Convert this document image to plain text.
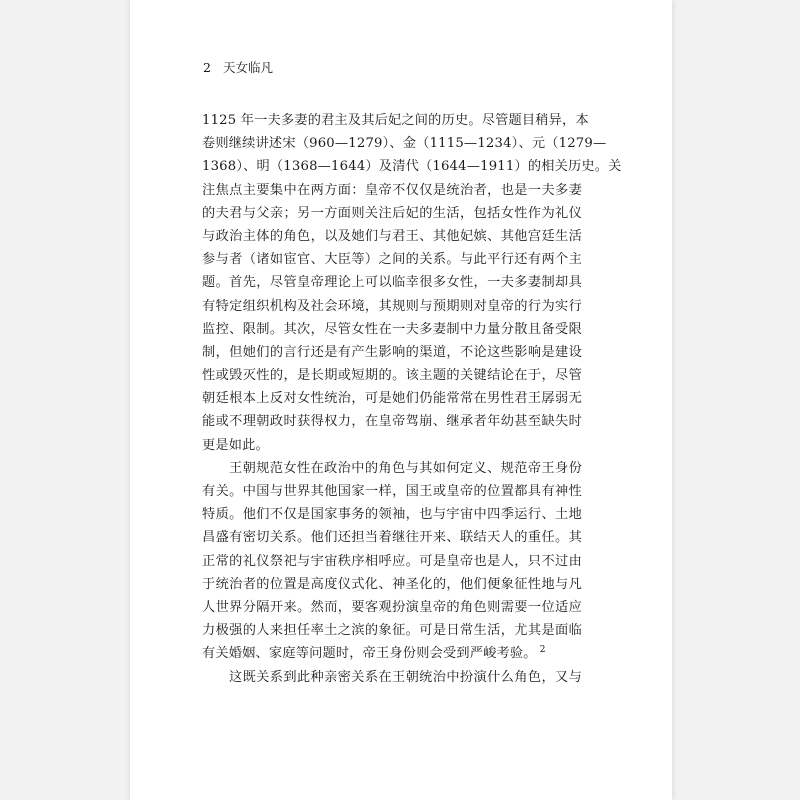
2 天女临凡
1125 年一夫多妻的君主及其后妃之间的历史。尽管题目稍异，本
卷则继续讲述宋（960—1279）、金（1115—1234）、元（1279—
1368）、明（1368—1644）及清代（1644—1911）的相关历史。关
注焦点主要集中在两方面：皇帝不仅仅是统治者，也是一夫多妻
的夫君与父亲；另一方面则关注后妃的生活，包括女性作为礼仪
与政治主体的角色，以及她们与君王、其他妃嫔、其他宫廷生活
参与者（诸如宦官、大臣等）之间的关系。与此平行还有两个主
题。首先，尽管皇帝理论上可以临幸很多女性，一夫多妻制却具
有特定组织机构及社会环境，其规则与预期则对皇帝的行为实行
监控、限制。其次，尽管女性在一夫多妻制中力量分散且备受限
制，但她们的言行还是有产生影响的渠道，不论这些影响是建设
性或毁灭性的，是长期或短期的。该主题的关键结论在于，尽管
朝廷根本上反对女性统治，可是她们仍能常常在男性君王孱弱无
能或不理朝政时获得权力，在皇帝驾崩、继承者年幼甚至缺失时
更是如此。
王朝规范女性在政治中的角色与其如何定义、规范帝王身份
有关。中国与世界其他国家一样，国王或皇帝的位置都具有神性
特质。他们不仅是国家事务的领袖，也与宇宙中四季运行、土地
昌盛有密切关系。他们还担当着继往开来、联结天人的重任。其
正常的礼仪祭祀与宇宙秩序相呼应。可是皇帝也是人，只不过由
于统治者的位置是高度仪式化、神圣化的，他们便象征性地与凡
人世界分隔开来。然而，要客观扮演皇帝的角色则需要一位适应
力极强的人来担任率土之滨的象征。可是日常生活，尤其是面临
有关婚姻、家庭等问题时，帝王身份则会受到严峻考验。 $^2$
这既关系到此种亲密关系在王朝统治中扮演什么角色，又与
